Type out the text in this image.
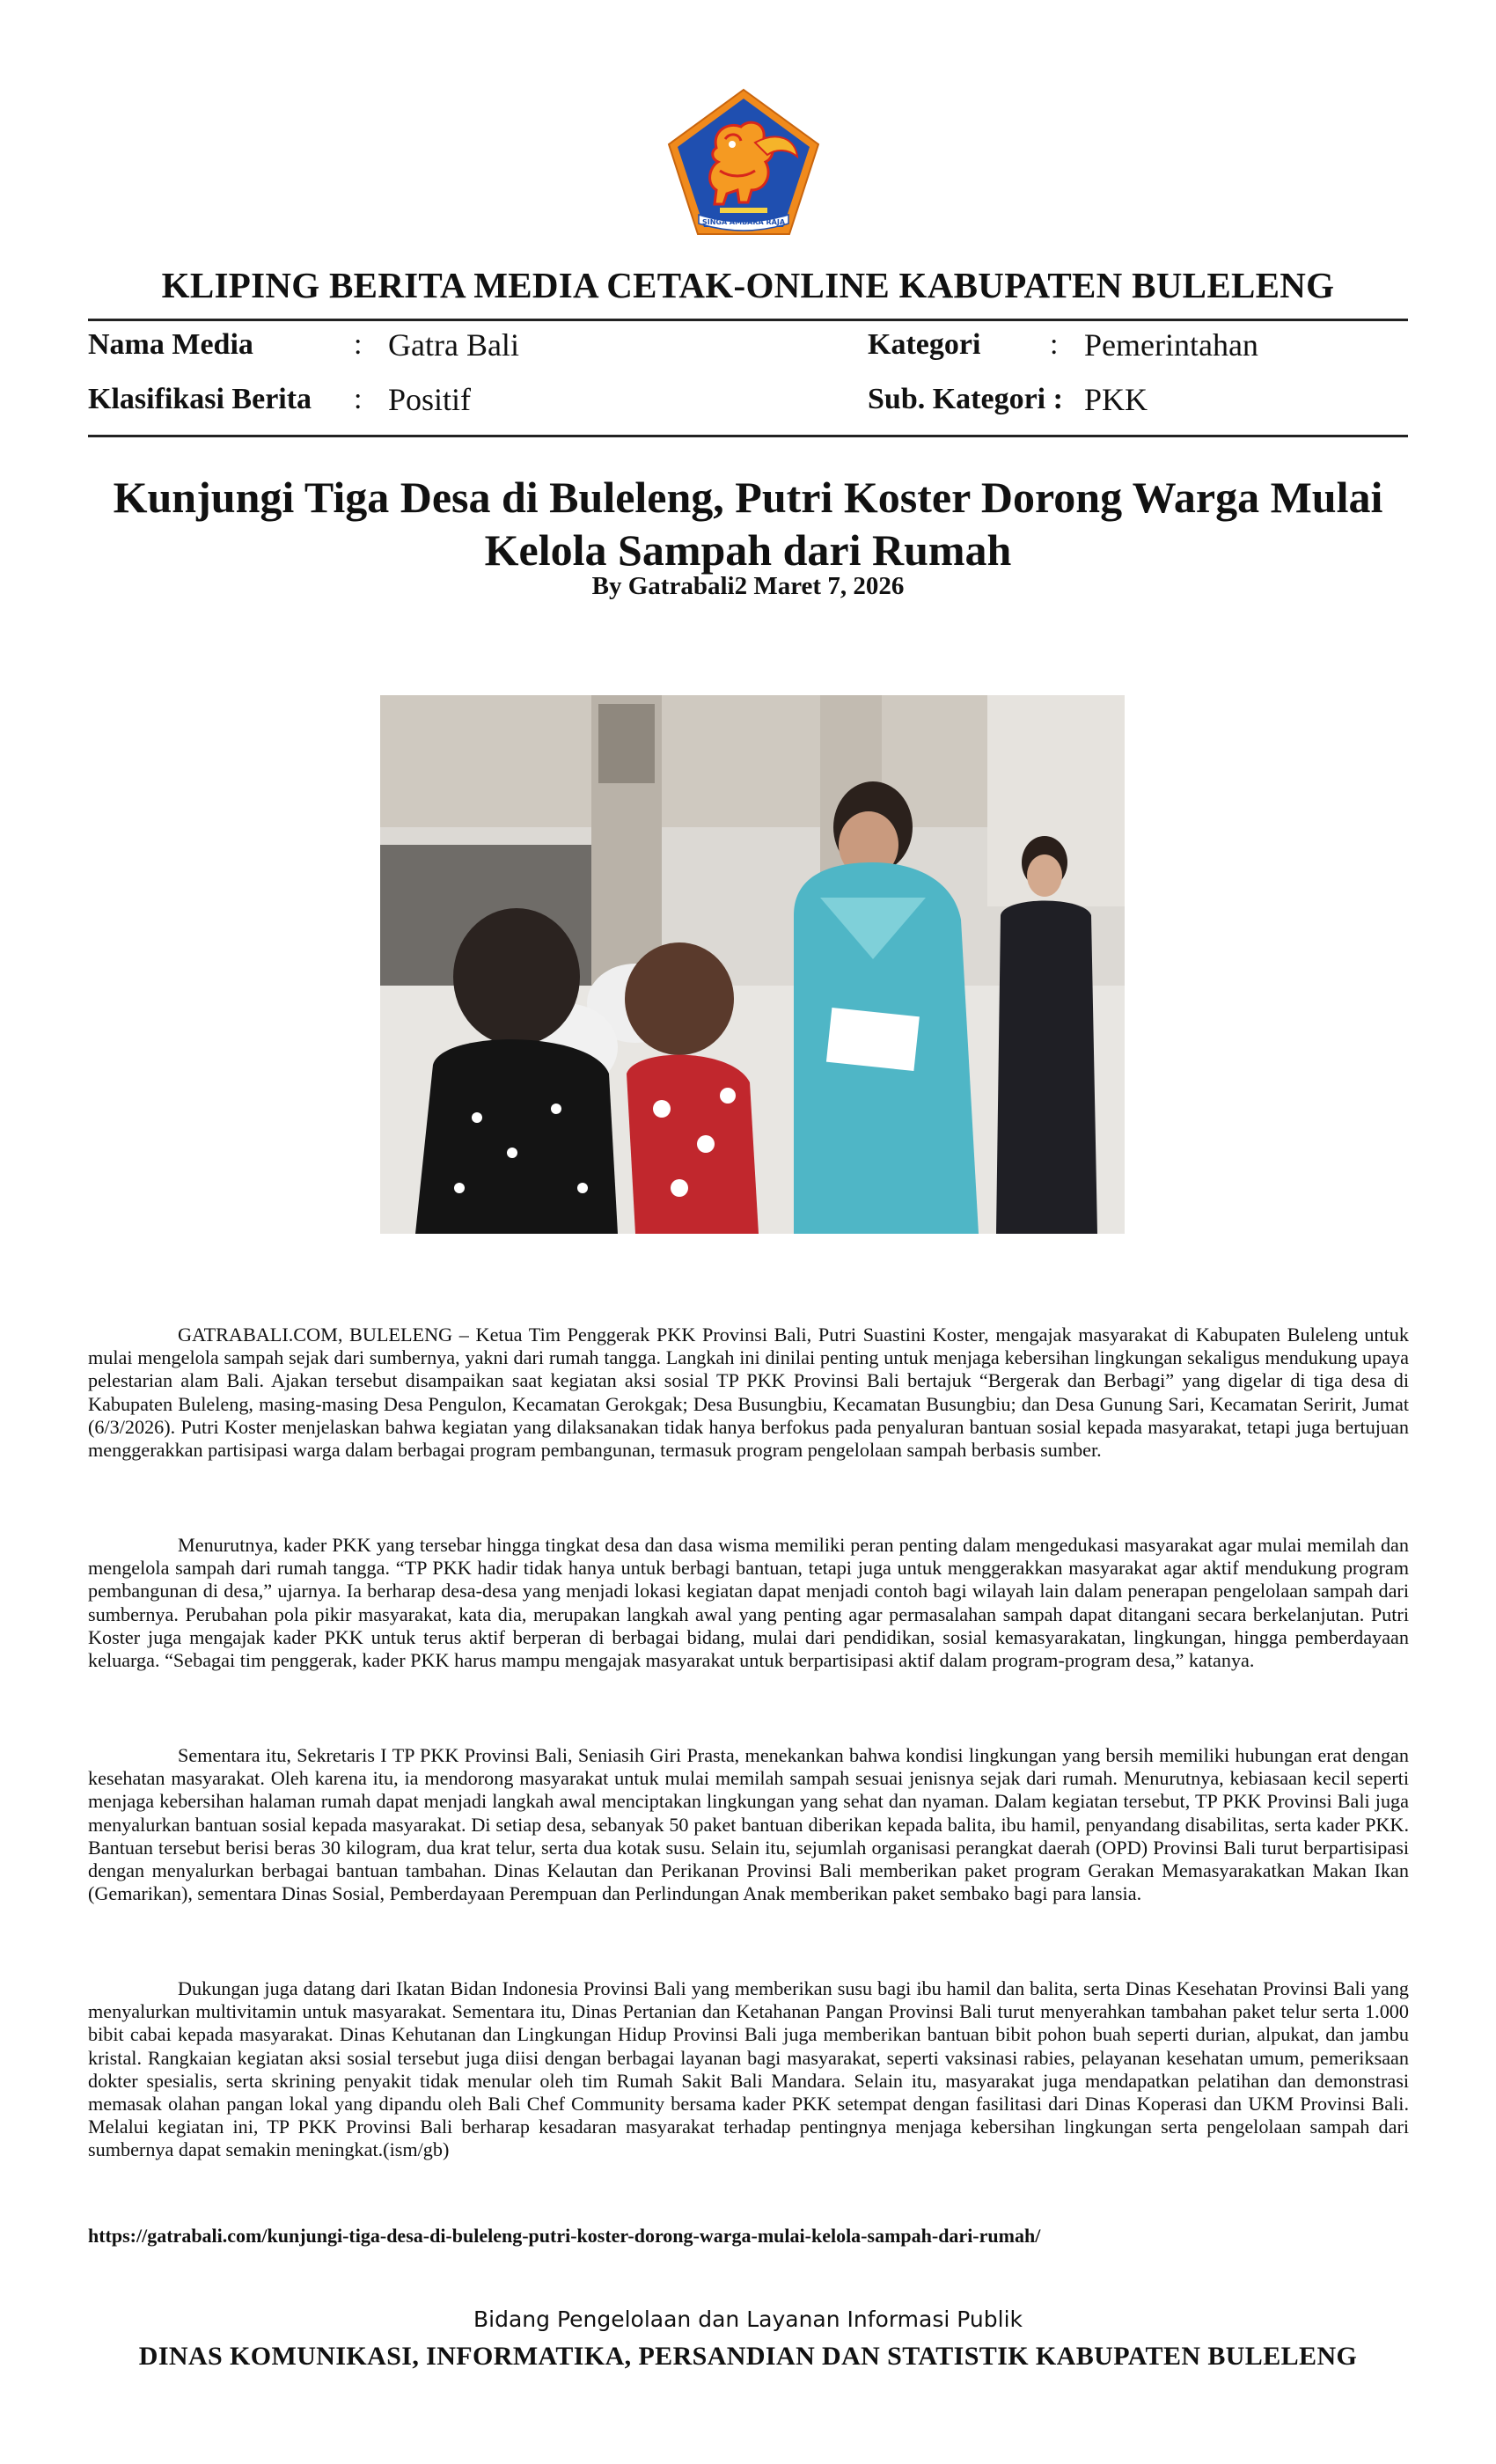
SINGA AMBARA RAJA
KLIPING BERITA MEDIA CETAK-ONLINE KABUPATEN BULELENG
Nama Media	: Gatra Bali	Kategori : Pemerintahan
Klasifikasi Berita : Positif	Sub. Kategori : PKK
Kunjungi Tiga Desa di Buleleng, Putri Koster Dorong Warga Mulai Kelola Sampah dari Rumah
By Gatrabali2 Maret 7, 2026
GATRABALI.COM, BULELENG – Ketua Tim Penggerak PKK Provinsi Bali, Putri Suastini Koster, mengajak masyarakat di Kabupaten Buleleng untuk mulai mengelola sampah sejak dari sumbernya, yakni dari rumah tangga. Langkah ini dinilai penting untuk menjaga kebersihan lingkungan sekaligus mendukung upaya pelestarian alam Bali. Ajakan tersebut disampaikan saat kegiatan aksi sosial TP PKK Provinsi Bali bertajuk “Bergerak dan Berbagi” yang digelar di tiga desa di Kabupaten Buleleng, masing-masing Desa Pengulon, Kecamatan Gerokgak; Desa Busungbiu, Kecamatan Busungbiu; dan Desa Gunung Sari, Kecamatan Seririt, Jumat (6/3/2026). Putri Koster menjelaskan bahwa kegiatan yang dilaksanakan tidak hanya berfokus pada penyaluran bantuan sosial kepada masyarakat, tetapi juga bertujuan menggerakkan partisipasi warga dalam berbagai program pembangunan, termasuk program pengelolaan sampah berbasis sumber.
Menurutnya, kader PKK yang tersebar hingga tingkat desa dan dasa wisma memiliki peran penting dalam mengedukasi masyarakat agar mulai memilah dan mengelola sampah dari rumah tangga. “TP PKK hadir tidak hanya untuk berbagi bantuan, tetapi juga untuk menggerakkan masyarakat agar aktif mendukung program pembangunan di desa,” ujarnya. Ia berharap desa-desa yang menjadi lokasi kegiatan dapat menjadi contoh bagi wilayah lain dalam penerapan pengelolaan sampah dari sumbernya. Perubahan pola pikir masyarakat, kata dia, merupakan langkah awal yang penting agar permasalahan sampah dapat ditangani secara berkelanjutan. Putri Koster juga mengajak kader PKK untuk terus aktif berperan di berbagai bidang, mulai dari pendidikan, sosial kemasyarakatan, lingkungan, hingga pemberdayaan keluarga. “Sebagai tim penggerak, kader PKK harus mampu mengajak masyarakat untuk berpartisipasi aktif dalam program-program desa,” katanya.
Sementara itu, Sekretaris I TP PKK Provinsi Bali, Seniasih Giri Prasta, menekankan bahwa kondisi lingkungan yang bersih memiliki hubungan erat dengan kesehatan masyarakat. Oleh karena itu, ia mendorong masyarakat untuk mulai memilah sampah sesuai jenisnya sejak dari rumah. Menurutnya, kebiasaan kecil seperti menjaga kebersihan halaman rumah dapat menjadi langkah awal menciptakan lingkungan yang sehat dan nyaman. Dalam kegiatan tersebut, TP PKK Provinsi Bali juga menyalurkan bantuan sosial kepada masyarakat. Di setiap desa, sebanyak 50 paket bantuan diberikan kepada balita, ibu hamil, penyandang disabilitas, serta kader PKK. Bantuan tersebut berisi beras 30 kilogram, dua krat telur, serta dua kotak susu. Selain itu, sejumlah organisasi perangkat daerah (OPD) Provinsi Bali turut berpartisipasi dengan menyalurkan berbagai bantuan tambahan. Dinas Kelautan dan Perikanan Provinsi Bali memberikan paket program Gerakan Memasyarakatkan Makan Ikan (Gemarikan), sementara Dinas Sosial, Pemberdayaan Perempuan dan Perlindungan Anak memberikan paket sembako bagi para lansia.
Dukungan juga datang dari Ikatan Bidan Indonesia Provinsi Bali yang memberikan susu bagi ibu hamil dan balita, serta Dinas Kesehatan Provinsi Bali yang menyalurkan multivitamin untuk masyarakat. Sementara itu, Dinas Pertanian dan Ketahanan Pangan Provinsi Bali turut menyerahkan tambahan paket telur serta 1.000 bibit cabai kepada masyarakat. Dinas Kehutanan dan Lingkungan Hidup Provinsi Bali juga memberikan bantuan bibit pohon buah seperti durian, alpukat, dan jambu kristal. Rangkaian kegiatan aksi sosial tersebut juga diisi dengan berbagai layanan bagi masyarakat, seperti vaksinasi rabies, pelayanan kesehatan umum, pemeriksaan dokter spesialis, serta skrining penyakit tidak menular oleh tim Rumah Sakit Bali Mandara. Selain itu, masyarakat juga mendapatkan pelatihan dan demonstrasi memasak olahan pangan lokal yang dipandu oleh Bali Chef Community bersama kader PKK setempat dengan fasilitasi dari Dinas Koperasi dan UKM Provinsi Bali. Melalui kegiatan ini, TP PKK Provinsi Bali berharap kesadaran masyarakat terhadap pentingnya menjaga kebersihan lingkungan serta pengelolaan sampah dari sumbernya dapat semakin meningkat.(ism/gb)
https://gatrabali.com/kunjungi-tiga-desa-di-buleleng-putri-koster-dorong-warga-mulai-kelola-sampah-dari-rumah/
Bidang Pengelolaan dan Layanan Informasi Publik
DINAS KOMUNIKASI, INFORMATIKA, PERSANDIAN DAN STATISTIK KABUPATEN BULELENG
